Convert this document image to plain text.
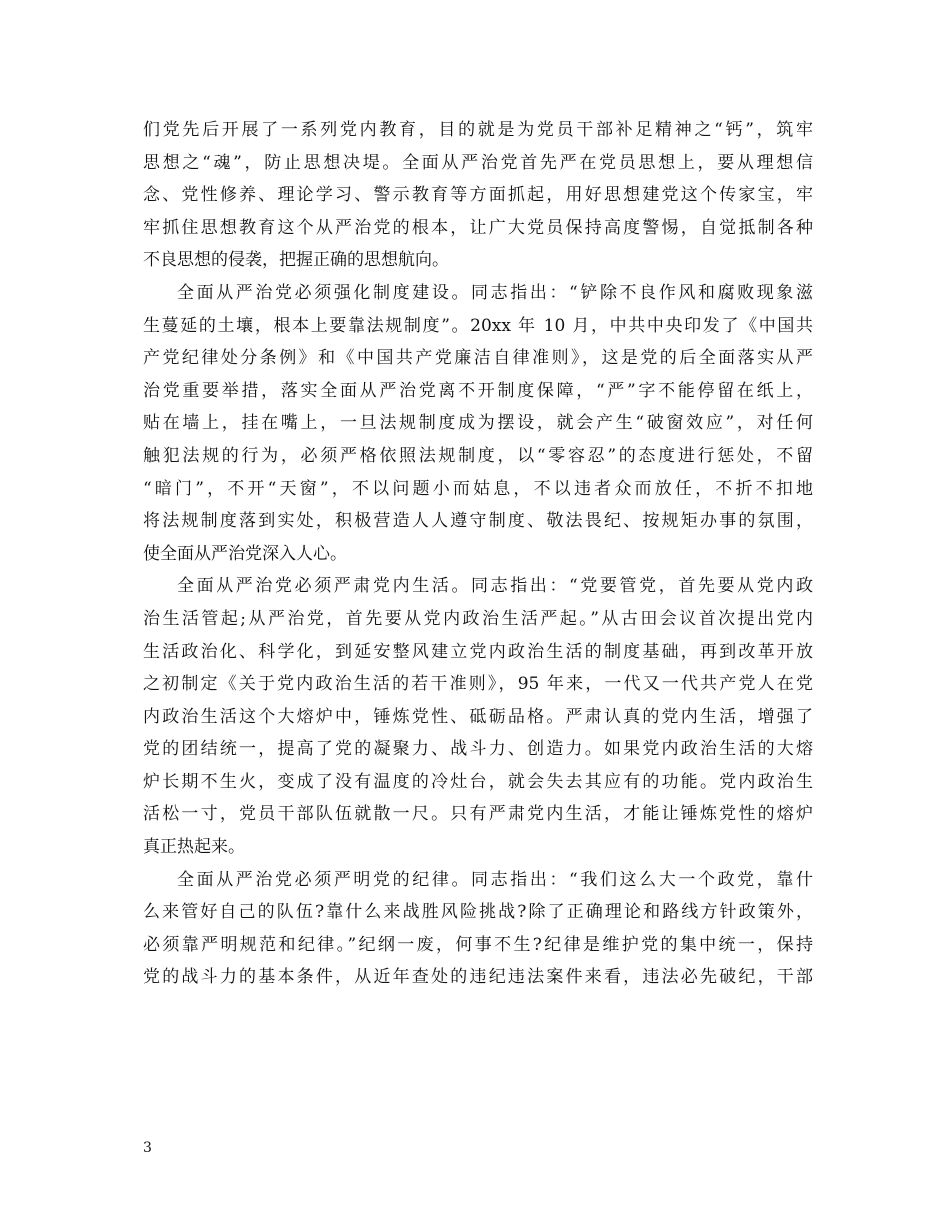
们党先后开展了一系列党内教育，目的就是为党员干部补足精神之“钙”，筑牢
思想之“魂”，防止思想决堤。全面从严治党首先严在党员思想上，要从理想信
念、党性修养、理论学习、警示教育等方面抓起，用好思想建党这个传家宝，牢
牢抓住思想教育这个从严治党的根本，让广大党员保持高度警惕，自觉抵制各种
不良思想的侵袭，把握正确的思想航向。
全面从严治党必须强化制度建设。同志指出：“铲除不良作风和腐败现象滋
生蔓延的土壤，根本上要靠法规制度”。20xx 年 10 月，中共中央印发了《中国共
产党纪律处分条例》和《中国共产党廉洁自律准则》，这是党的后全面落实从严
治党重要举措，落实全面从严治党离不开制度保障，“严”字不能停留在纸上，
贴在墙上，挂在嘴上，一旦法规制度成为摆设，就会产生“破窗效应”，对任何
触犯法规的行为，必须严格依照法规制度，以“零容忍”的态度进行惩处，不留
“暗门”，不开“天窗”，不以问题小而姑息，不以违者众而放任，不折不扣地
将法规制度落到实处，积极营造人人遵守制度、敬法畏纪、按规矩办事的氛围，
使全面从严治党深入人心。
全面从严治党必须严肃党内生活。同志指出：“党要管党，首先要从党内政
治生活管起;从严治党，首先要从党内政治生活严起。”从古田会议首次提出党内
生活政治化、科学化，到延安整风建立党内政治生活的制度基础，再到改革开放
之初制定《关于党内政治生活的若干准则》，95 年来，一代又一代共产党人在党
内政治生活这个大熔炉中，锤炼党性、砥砺品格。严肃认真的党内生活，增强了
党的团结统一，提高了党的凝聚力、战斗力、创造力。如果党内政治生活的大熔
炉长期不生火，变成了没有温度的冷灶台，就会失去其应有的功能。党内政治生
活松一寸，党员干部队伍就散一尺。只有严肃党内生活，才能让锤炼党性的熔炉
真正热起来。
全面从严治党必须严明党的纪律。同志指出：“我们这么大一个政党，靠什
么来管好自己的队伍?靠什么来战胜风险挑战?除了正确理论和路线方针政策外，
必须靠严明规范和纪律。”纪纲一废，何事不生?纪律是维护党的集中统一，保持
党的战斗力的基本条件，从近年查处的违纪违法案件来看，违法必先破纪，干部
3
